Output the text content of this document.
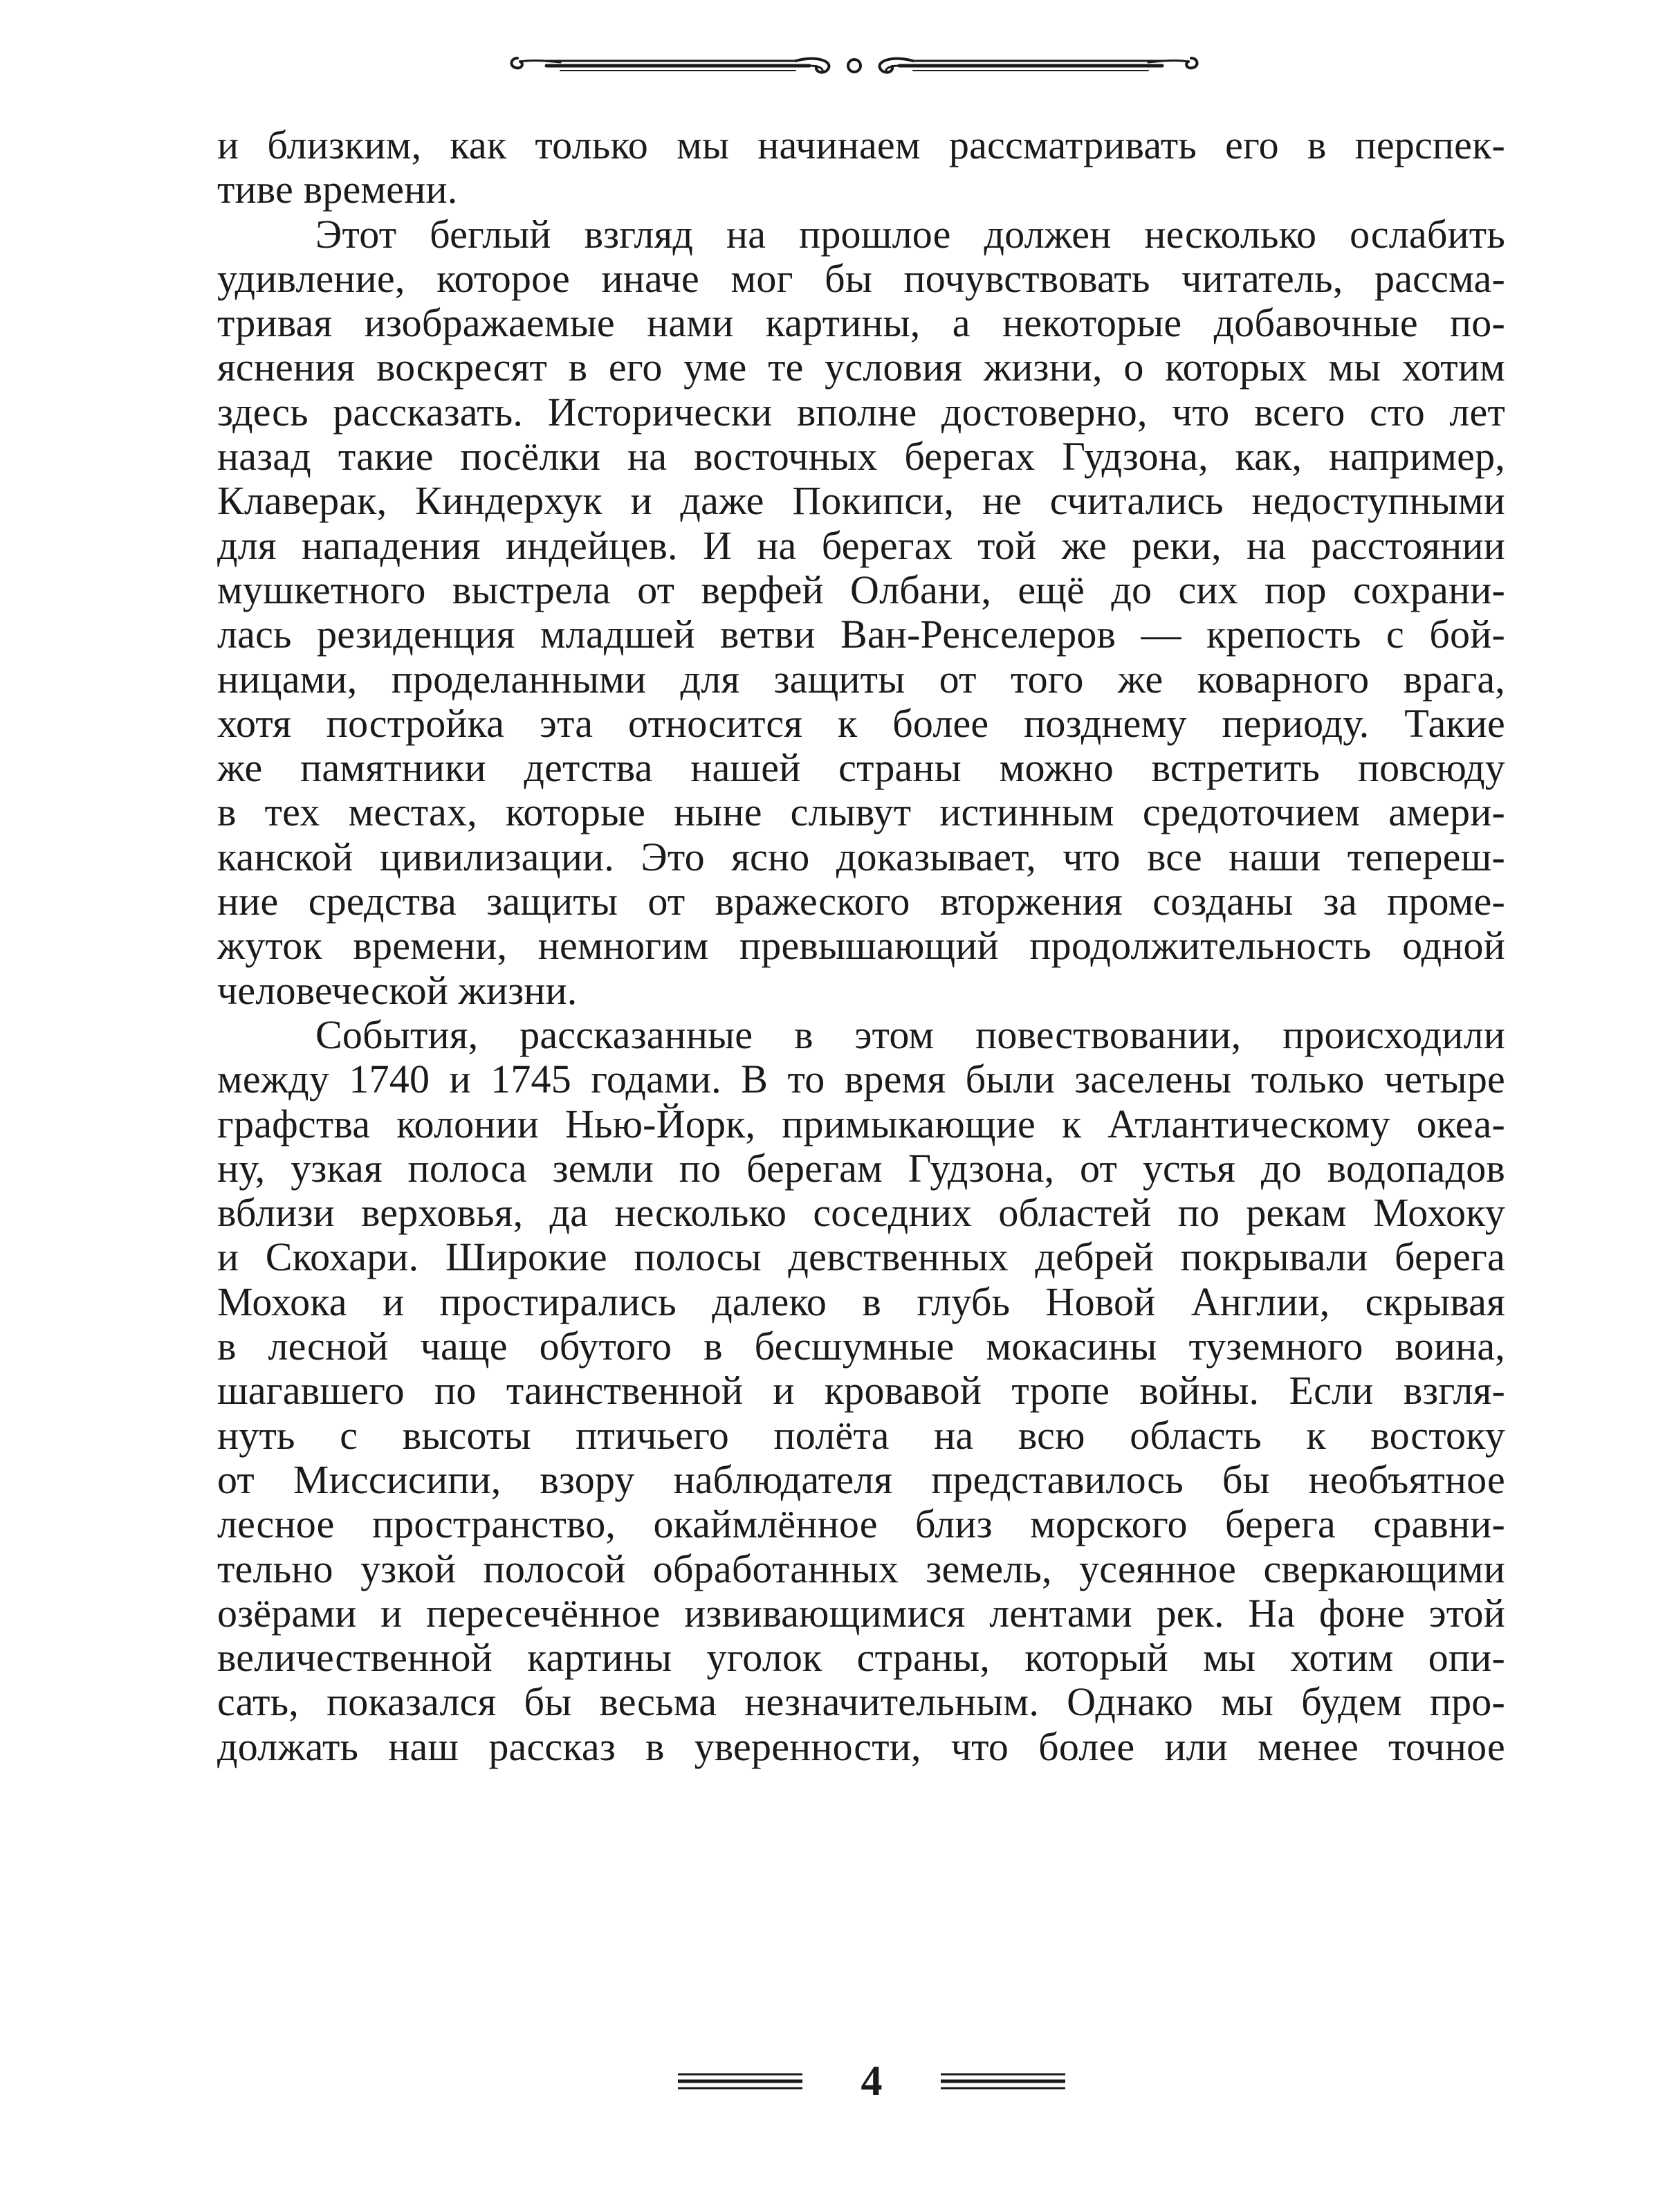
и близким, как только мы начинаем рассматривать его в перспек-

тиве времени.

Этот беглый взгляд на прошлое должен несколько ослабить

удивление, которое иначе мог бы почувствовать читатель, рассма-

тривая изображаемые нами картины, а некоторые добавочные по-

яснения воскресят в его уме те условия жизни, о которых мы хотим

здесь рассказать. Исторически вполне достоверно, что всего сто лет

назад такие посёлки на восточных берегах Гудзона, как, например,

Клаверак, Киндерхук и даже Покипси, не считались недоступными

для нападения индейцев. И на берегах той же реки, на расстоянии

мушкетного выстрела от верфей Олбани, ещё до сих пор сохрани-

лась резиденция младшей ветви Ван-Ренселеров — крепость с бой-

ницами, проделанными для защиты от того же коварного врага,

хотя постройка эта относится к более позднему периоду. Такие

же памятники детства нашей страны можно встретить повсюду

в тех местах, которые ныне слывут истинным средоточием амери-

канской цивилизации. Это ясно доказывает, что все наши теперeш-

ние средства защиты от вражеского вторжения созданы за проме-

жуток времени, немногим превышающий продолжительность одной

человеческой жизни.

События, рассказанные в этом повествовании, происходили

между 1740 и 1745 годами. В то время были заселены только четыре

графства колонии Нью-Йорк, примыкающие к Атлантическому океа-

ну, узкая полоса земли по берегам Гудзона, от устья до водопадов

вблизи верховья, да несколько соседних областей по рекам Мохоку

и Скохари. Широкие полосы девственных дебрей покрывали берега

Мохока и простирались далеко в глубь Новой Англии, скрывая

в лесной чаще обутого в бесшумные мокасины туземного воина,

шагавшего по таинственной и кровавой тропе войны. Если взгля-

нуть с высоты птичьего полёта на всю область к востоку

от Миссисипи, взору наблюдателя представилось бы необъятное

лесное пространство, окаймлённое близ морского берега сравни-

тельно узкой полосой обработанных земель, усеянное сверкающими

озёрами и пересечённое извивающимися лентами рек. На фоне этой

величественной картины уголок страны, который мы хотим опи-

сать, показался бы весьма незначительным. Однако мы будем про-

должать наш рассказ в уверенности, что более или менее точное

4
